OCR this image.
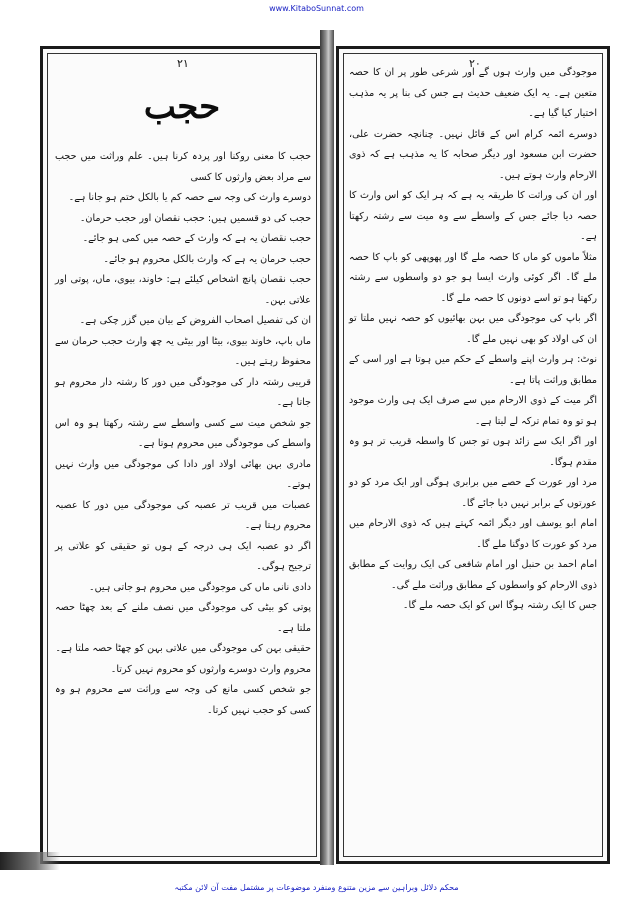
www.KitaboSunnat.com
۲۱
حجب

حجب کا معنی روکنا اور پردہ کرنا ہیں۔ علم وراثت میں حجب سے مراد بعض وارثوں کا کسی

دوسرے وارث کی وجہ سے حصہ کم یا بالکل ختم ہو جانا ہے۔

حجب کی دو قسمیں ہیں: حجب نقصان اور حجب حرمان۔

حجب نقصان یہ ہے کہ وارث کے حصہ میں کمی ہو جائے۔

حجب حرمان یہ ہے کہ وارث بالکل محروم ہو جائے۔

حجب نقصان پانچ اشخاص کیلئے ہے: خاوند، بیوی، ماں، پوتی اور علاتی بہن۔

ان کی تفصیل اصحاب الفروض کے بیان میں گزر چکی ہے۔

ماں باپ، خاوند بیوی، بیٹا اور بیٹی یہ چھ وارث حجب حرمان سے محفوظ رہتے ہیں۔

قریبی رشتہ دار کی موجودگی میں دور کا رشتہ دار محروم ہو جاتا ہے۔

جو شخص میت سے کسی واسطے سے رشتہ رکھتا ہو وہ اس واسطے کی موجودگی میں محروم ہوتا ہے۔

مادری بہن بھائی اولاد اور دادا کی موجودگی میں وارث نہیں ہوتے۔

عصبات میں قریب تر عصبہ کی موجودگی میں دور کا عصبہ محروم رہتا ہے۔

اگر دو عصبہ ایک ہی درجہ کے ہوں تو حقیقی کو علاتی پر ترجیح ہوگی۔

دادی نانی ماں کی موجودگی میں محروم ہو جاتی ہیں۔

پوتی کو بیٹی کی موجودگی میں نصف ملنے کے بعد چھٹا حصہ ملتا ہے۔

حقیقی بہن کی موجودگی میں علاتی بہن کو چھٹا حصہ ملتا ہے۔

محروم وارث دوسرے وارثوں کو محروم نہیں کرتا۔

جو شخص کسی مانع کی وجہ سے وراثت سے محروم ہو وہ کسی کو حجب نہیں کرتا۔

۲۰

موجودگی میں وارث ہوں گے اور شرعی طور پر ان کا حصہ متعین ہے۔ یہ ایک ضعیف حدیث ہے جس کی بنا پر یہ مذہب اختیار کیا گیا ہے۔

دوسرے ائمہ کرام اس کے قائل نہیں۔ چنانچہ حضرت علی، حضرت ابن مسعود اور دیگر صحابہ کا یہ مذہب ہے کہ ذوی الارحام وارث ہوتے ہیں۔

اور ان کی وراثت کا طریقہ یہ ہے کہ ہر ایک کو اس وارث کا حصہ دیا جائے جس کے واسطے سے وہ میت سے رشتہ رکھتا ہے۔

مثلاً ماموں کو ماں کا حصہ ملے گا اور پھوپھی کو باپ کا حصہ ملے گا۔ اگر کوئی وارث ایسا ہو جو دو واسطوں سے رشتہ رکھتا ہو تو اسے دونوں کا حصہ ملے گا۔

اگر باپ کی موجودگی میں بہن بھائیوں کو حصہ نہیں ملتا تو ان کی اولاد کو بھی نہیں ملے گا۔

نوٹ: ہر وارث اپنے واسطے کے حکم میں ہوتا ہے اور اسی کے مطابق وراثت پاتا ہے۔

اگر میت کے ذوی الارحام میں سے صرف ایک ہی وارث موجود ہو تو وہ تمام ترکہ لے لیتا ہے۔

اور اگر ایک سے زائد ہوں تو جس کا واسطہ قریب تر ہو وہ مقدم ہوگا۔

مرد اور عورت کے حصے میں برابری ہوگی اور ایک مرد کو دو عورتوں کے برابر نہیں دیا جائے گا۔

امام ابو یوسف اور دیگر ائمہ کہتے ہیں کہ ذوی الارحام میں مرد کو عورت کا دوگنا ملے گا۔

امام احمد بن حنبل اور امام شافعی کی ایک روایت کے مطابق ذوی الارحام کو واسطوں کے مطابق وراثت ملے گی۔

جس کا ایک رشتہ ہوگا اس کو ایک حصہ ملے گا۔

محکم دلائل وبراہین سے مزین متنوع ومنفرد موضوعات پر مشتمل مفت آن لائن مکتبہ
